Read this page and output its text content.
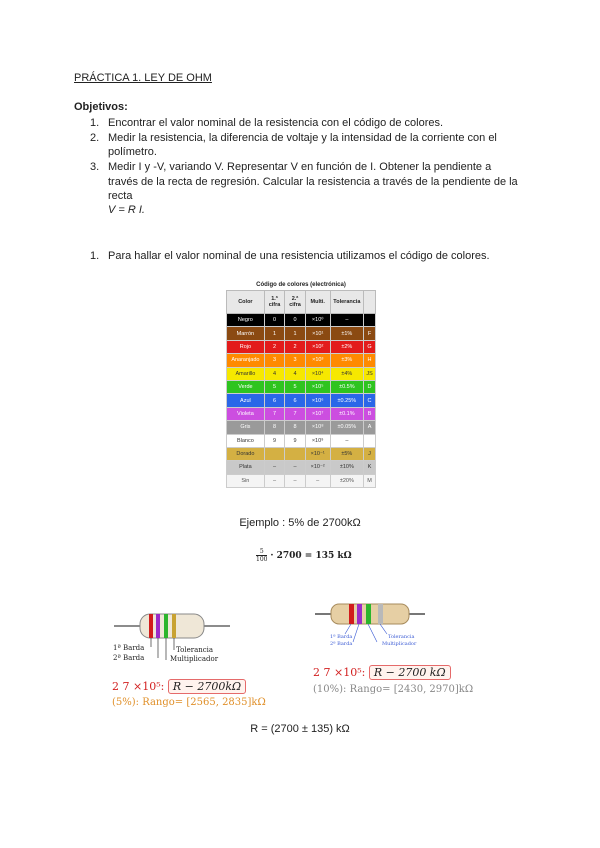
PRÁCTICA 1. LEY DE OHM
Objetivos:
1. Encontrar el valor nominal de la resistencia con el código de colores.
2. Medir la resistencia, la diferencia de voltaje y la intensidad de la corriente con el
polímetro.
3. Medir I y -V, variando V. Representar V en función de I. Obtener la pendiente a
través de la recta de regresión. Calcular la resistencia a través de la pendiente de la
recta
V = R I.
1. Para hallar el valor nominal de una resistencia utilizamos el código de colores.
Código de colores (electrónica)
Color	1.ª cifra	2.ª cifra	Multi.	Tolerancia	
Negro	0	0	×10⁰	–	
Marrón	1	1	×10¹	±1%	F
Rojo	2	2	×10²	±2%	G
Anaranjado	3	3	×10³	±3%	H
Amarillo	4	4	×10⁴	±4%	JS
Verde	5	5	×10⁵	±0.5%	D
Azul	6	6	×10⁶	±0.25%	C
Violeta	7	7	×10⁷	±0.1%	B
Gris	8	8	×10⁸	±0.05%	A
Blanco	9	9	×10⁹	–	
Dorado			×10⁻¹	±5%	J
Plata	–	–	×10⁻²	±10%	K
Sin	–	–	–	±20%	M
Ejemplo : 5% de 2700kΩ
$\frac{5}{100} \cdot 2700 = 135$ kΩ
1ª Barda
2ª Barda
Tolerancia
Multiplicador
2 7 ×10⁵: R − 2700kΩ
(5%): Rango= [2565, 2835]kΩ
1ª Barda
2ª Barda
Tolerancia
Multiplicador
2 7 ×10⁵: R − 2700 kΩ
(10%): Rango= [2430, 2970]kΩ
R = (2700 ± 135) kΩ
